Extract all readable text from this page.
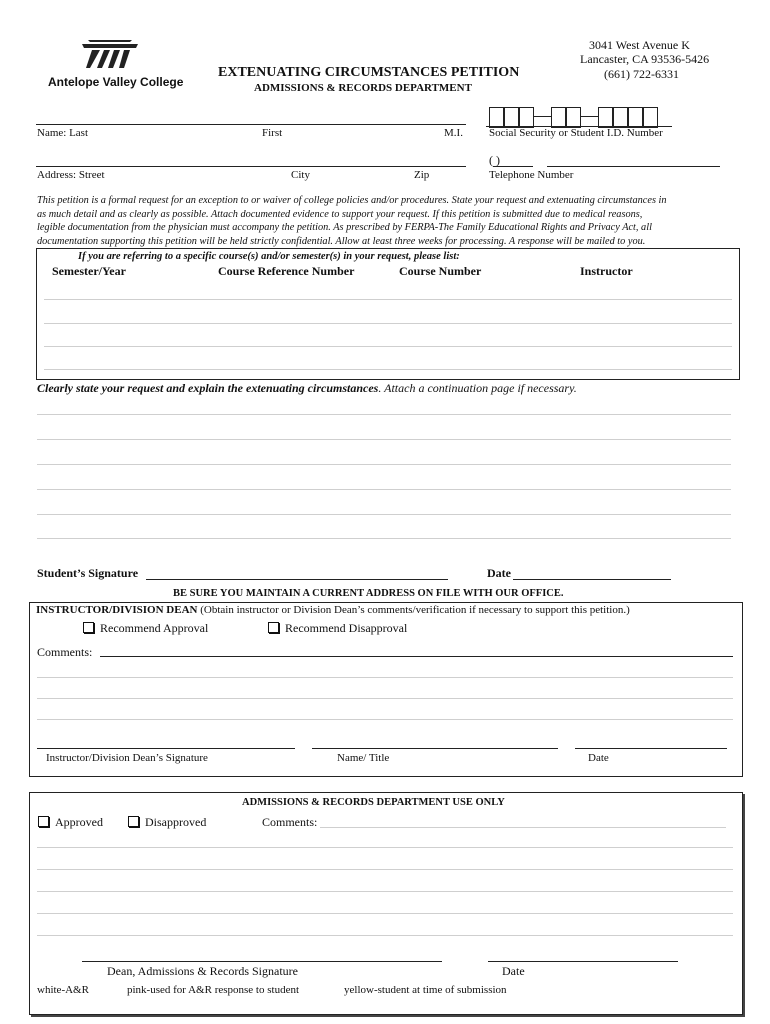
Antelope Valley College
3041 West Avenue K
Lancaster, CA 93536-5426
(661) 722-6331
EXTENUATING CIRCUMSTANCES PETITION
ADMISSIONS & RECORDS DEPARTMENT
Name: Last	First	M.I. Social Security or Student I.D. Number
Address: Street	City	Zip
( )
Telephone Number
This petition is a formal request for an exception to or waiver of college policies and/or procedures. State your request and extenuating circumstances in
as much detail and as clearly as possible. Attach documented evidence to support your request. If this petition is submitted due to medical reasons,
legible documentation from the physician must accompany the petition. As prescribed by FERPA-The Family Educational Rights and Privacy Act, all
documentation supporting this petition will be held strictly confidential. Allow at least three weeks for processing. A response will be mailed to you.
If you are referring to a specific course(s) and/or semester(s) in your request, please list:
Semester/Year	Course Reference Number	Course Number	Instructor
Clearly state your request and explain the extenuating circumstances. Attach a continuation page if necessary.
Student’s Signature	Date
BE SURE YOU MAINTAIN A CURRENT ADDRESS ON FILE WITH OUR OFFICE.
INSTRUCTOR/DIVISION DEAN (Obtain instructor or Division Dean’s comments/verification if necessary to support this petition.)
Recommend Approval	Recommend Disapproval
Comments:
Instructor/Division Dean’s Signature	Name/ Title	Date
ADMISSIONS & RECORDS DEPARTMENT USE ONLY
Approved	Disapproved	Comments:
Dean, Admissions & Records Signature	Date
white-A&R	pink-used for A&R response to student	yellow-student at time of submission
